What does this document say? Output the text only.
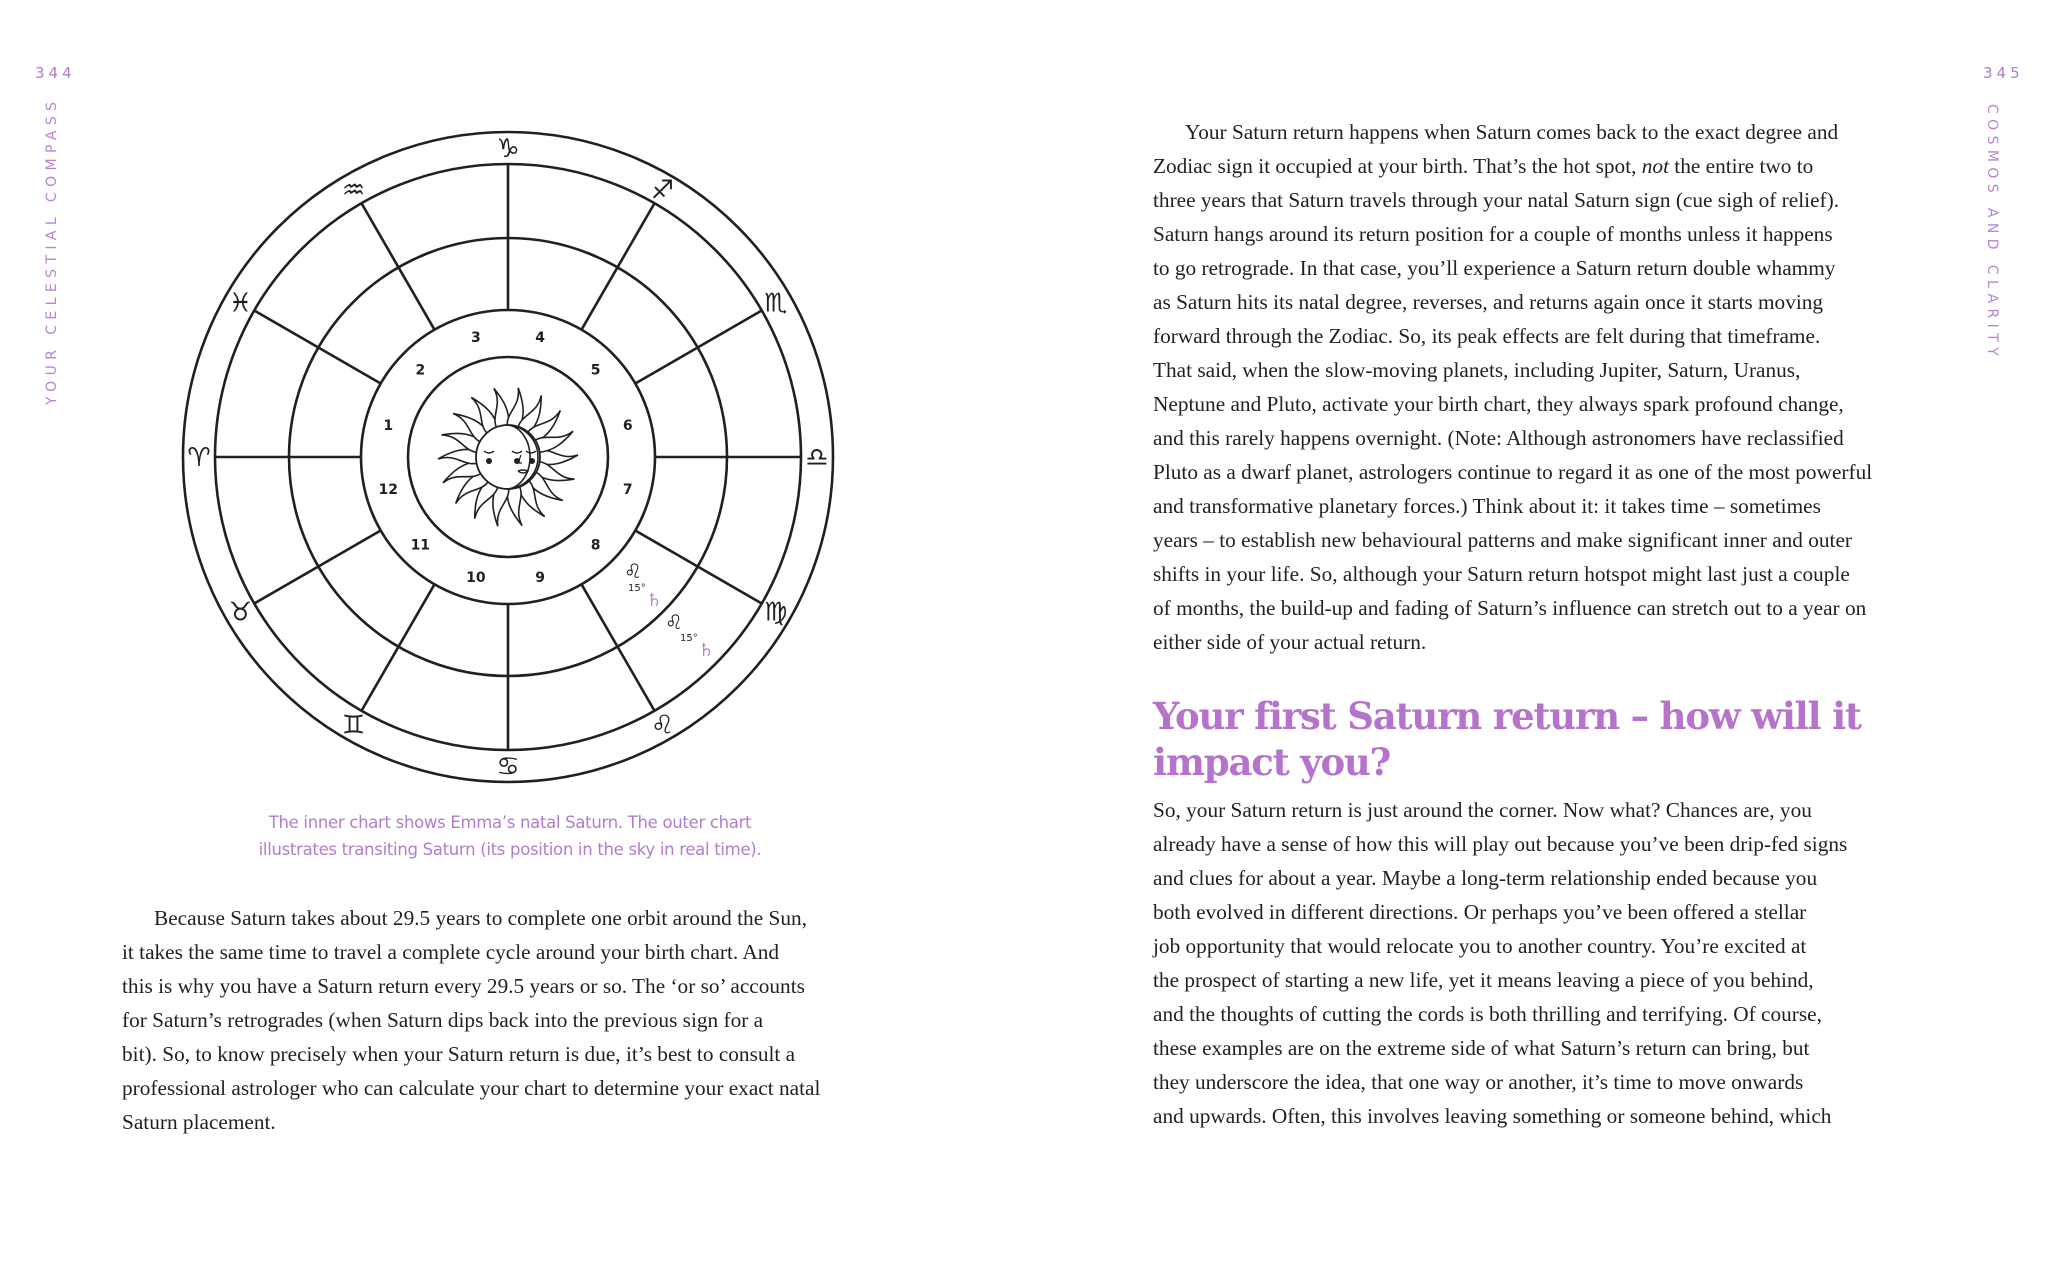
344
YOUR CELESTIAL COMPASS
♈
♓
♒
♑
♐
♏
♎
♍
♌
♋
♊
♉
1
2
3	4
5
6
7
8
9
10
11
12
♌
15°
♄
♌
15°
♄
The inner chart shows Emma’s natal Saturn. The outer chart
illustrates transiting Saturn (its position in the sky in real time).
Because Saturn takes about 29.5 years to complete one orbit around the Sun,
it takes the same time to travel a complete cycle around your birth chart. And
this is why you have a Saturn return every 29.5 years or so. The ‘or so’ accounts
for Saturn’s retrogrades (when Saturn dips back into the previous sign for a
bit). So, to know precisely when your Saturn return is due, it’s best to consult a
professional astrologer who can calculate your chart to determine your exact natal
Saturn placement.
345
COSMOS AND CLARITY
Your Saturn return happens when Saturn comes back to the exact degree and
Zodiac sign it occupied at your birth. That’s the hot spot, not the entire two to
three years that Saturn travels through your natal Saturn sign (cue sigh of relief).
Saturn hangs around its return position for a couple of months unless it happens
to go retrograde. In that case, you’ll experience a Saturn return double whammy
as Saturn hits its natal degree, reverses, and returns again once it starts moving
forward through the Zodiac. So, its peak effects are felt during that timeframe.
That said, when the slow-moving planets, including Jupiter, Saturn, Uranus,
Neptune and Pluto, activate your birth chart, they always spark profound change,
and this rarely happens overnight. (Note: Although astronomers have reclassified
Pluto as a dwarf planet, astrologers continue to regard it as one of the most powerful
and transformative planetary forces.) Think about it: it takes time – sometimes
years – to establish new behavioural patterns and make significant inner and outer
shifts in your life. So, although your Saturn return hotspot might last just a couple
of months, the build-up and fading of Saturn’s influence can stretch out to a year on
either side of your actual return.
Your first Saturn return – how will it
impact you?
So, your Saturn return is just around the corner. Now what? Chances are, you
already have a sense of how this will play out because you’ve been drip-fed signs
and clues for about a year. Maybe a long-term relationship ended because you
both evolved in different directions. Or perhaps you’ve been offered a stellar
job opportunity that would relocate you to another country. You’re excited at
the prospect of starting a new life, yet it means leaving a piece of you behind,
and the thoughts of cutting the cords is both thrilling and terrifying. Of course,
these examples are on the extreme side of what Saturn’s return can bring, but
they underscore the idea, that one way or another, it’s time to move onwards
and upwards. Often, this involves leaving something or someone behind, which
